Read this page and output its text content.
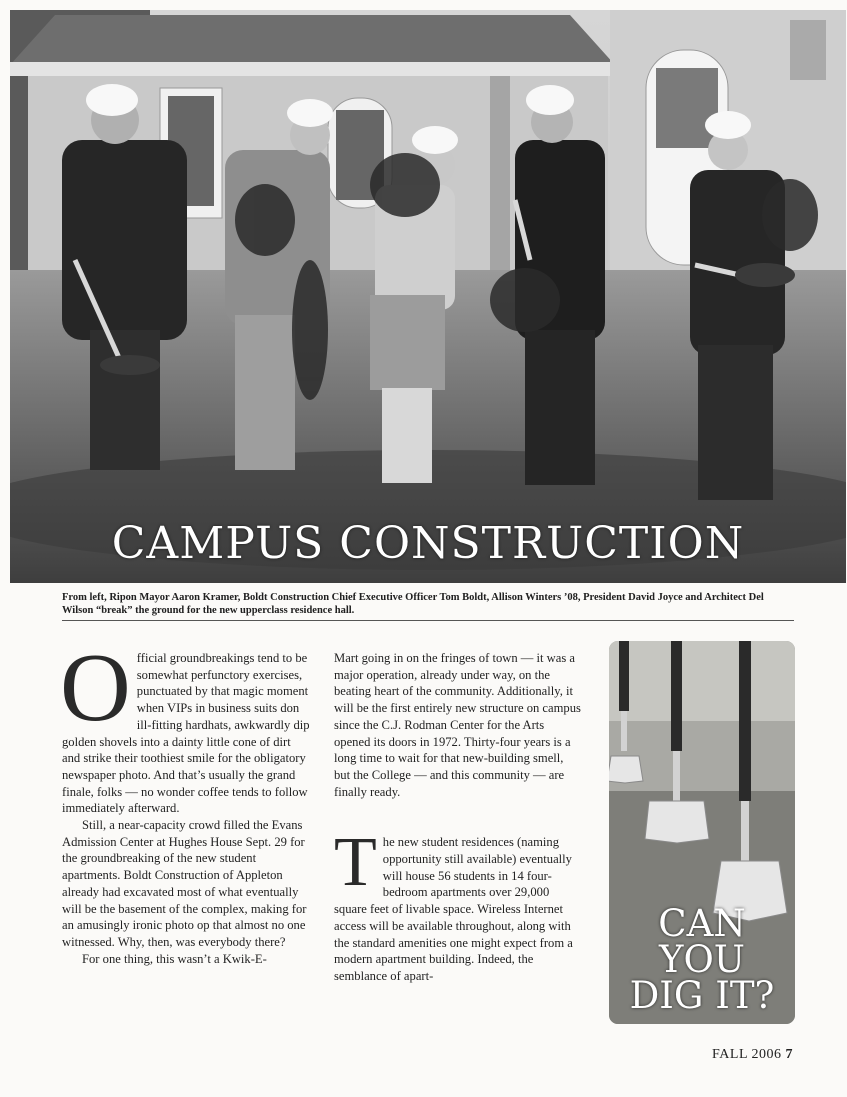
CAMPUS CONSTRUCTION
From left, Ripon Mayor Aaron Kramer, Boldt Construction Chief Executive Officer Tom Boldt, Allison Winters ’08, President David Joyce and Architect Del Wilson “break” the ground for the new upperclass residence hall.

Official groundbreakings tend to be somewhat perfunctory exercises, punctuated by that magic moment when VIPs in business suits don ill-fitting hardhats, awkwardly dip golden shovels into a dainty little cone of dirt and strike their toothiest smile for the obligatory newspaper photo. And that’s usually the grand finale, folks — no wonder coffee tends to follow immediately afterward.

Still, a near-capacity crowd filled the Evans Admission Center at Hughes House Sept. 29 for the groundbreaking of the new student apartments. Boldt Construction of Appleton already had excavated most of what eventually will be the basement of the complex, making for an amusingly ironic photo op that almost no one witnessed. Why, then, was everybody there?

For one thing, this wasn’t a Kwik-E-

Mart going in on the fringes of town — it was a major operation, already under way, on the beating heart of the community. Additionally, it will be the first entirely new structure on campus since the C.J. Rodman Center for the Arts opened its doors in 1972. Thirty-four years is a long time to wait for that new-building smell, but the College — and this community — are finally ready.

The new student residences (naming opportunity still available) eventually will house 56 students in 14 four-bedroom apartments over 29,000 square feet of livable space. Wireless Internet access will be available throughout, along with the standard amenities one might expect from a modern apartment building. Indeed, the semblance of apart-

CAN
YOU
DIG IT?
FALL 2006 7
